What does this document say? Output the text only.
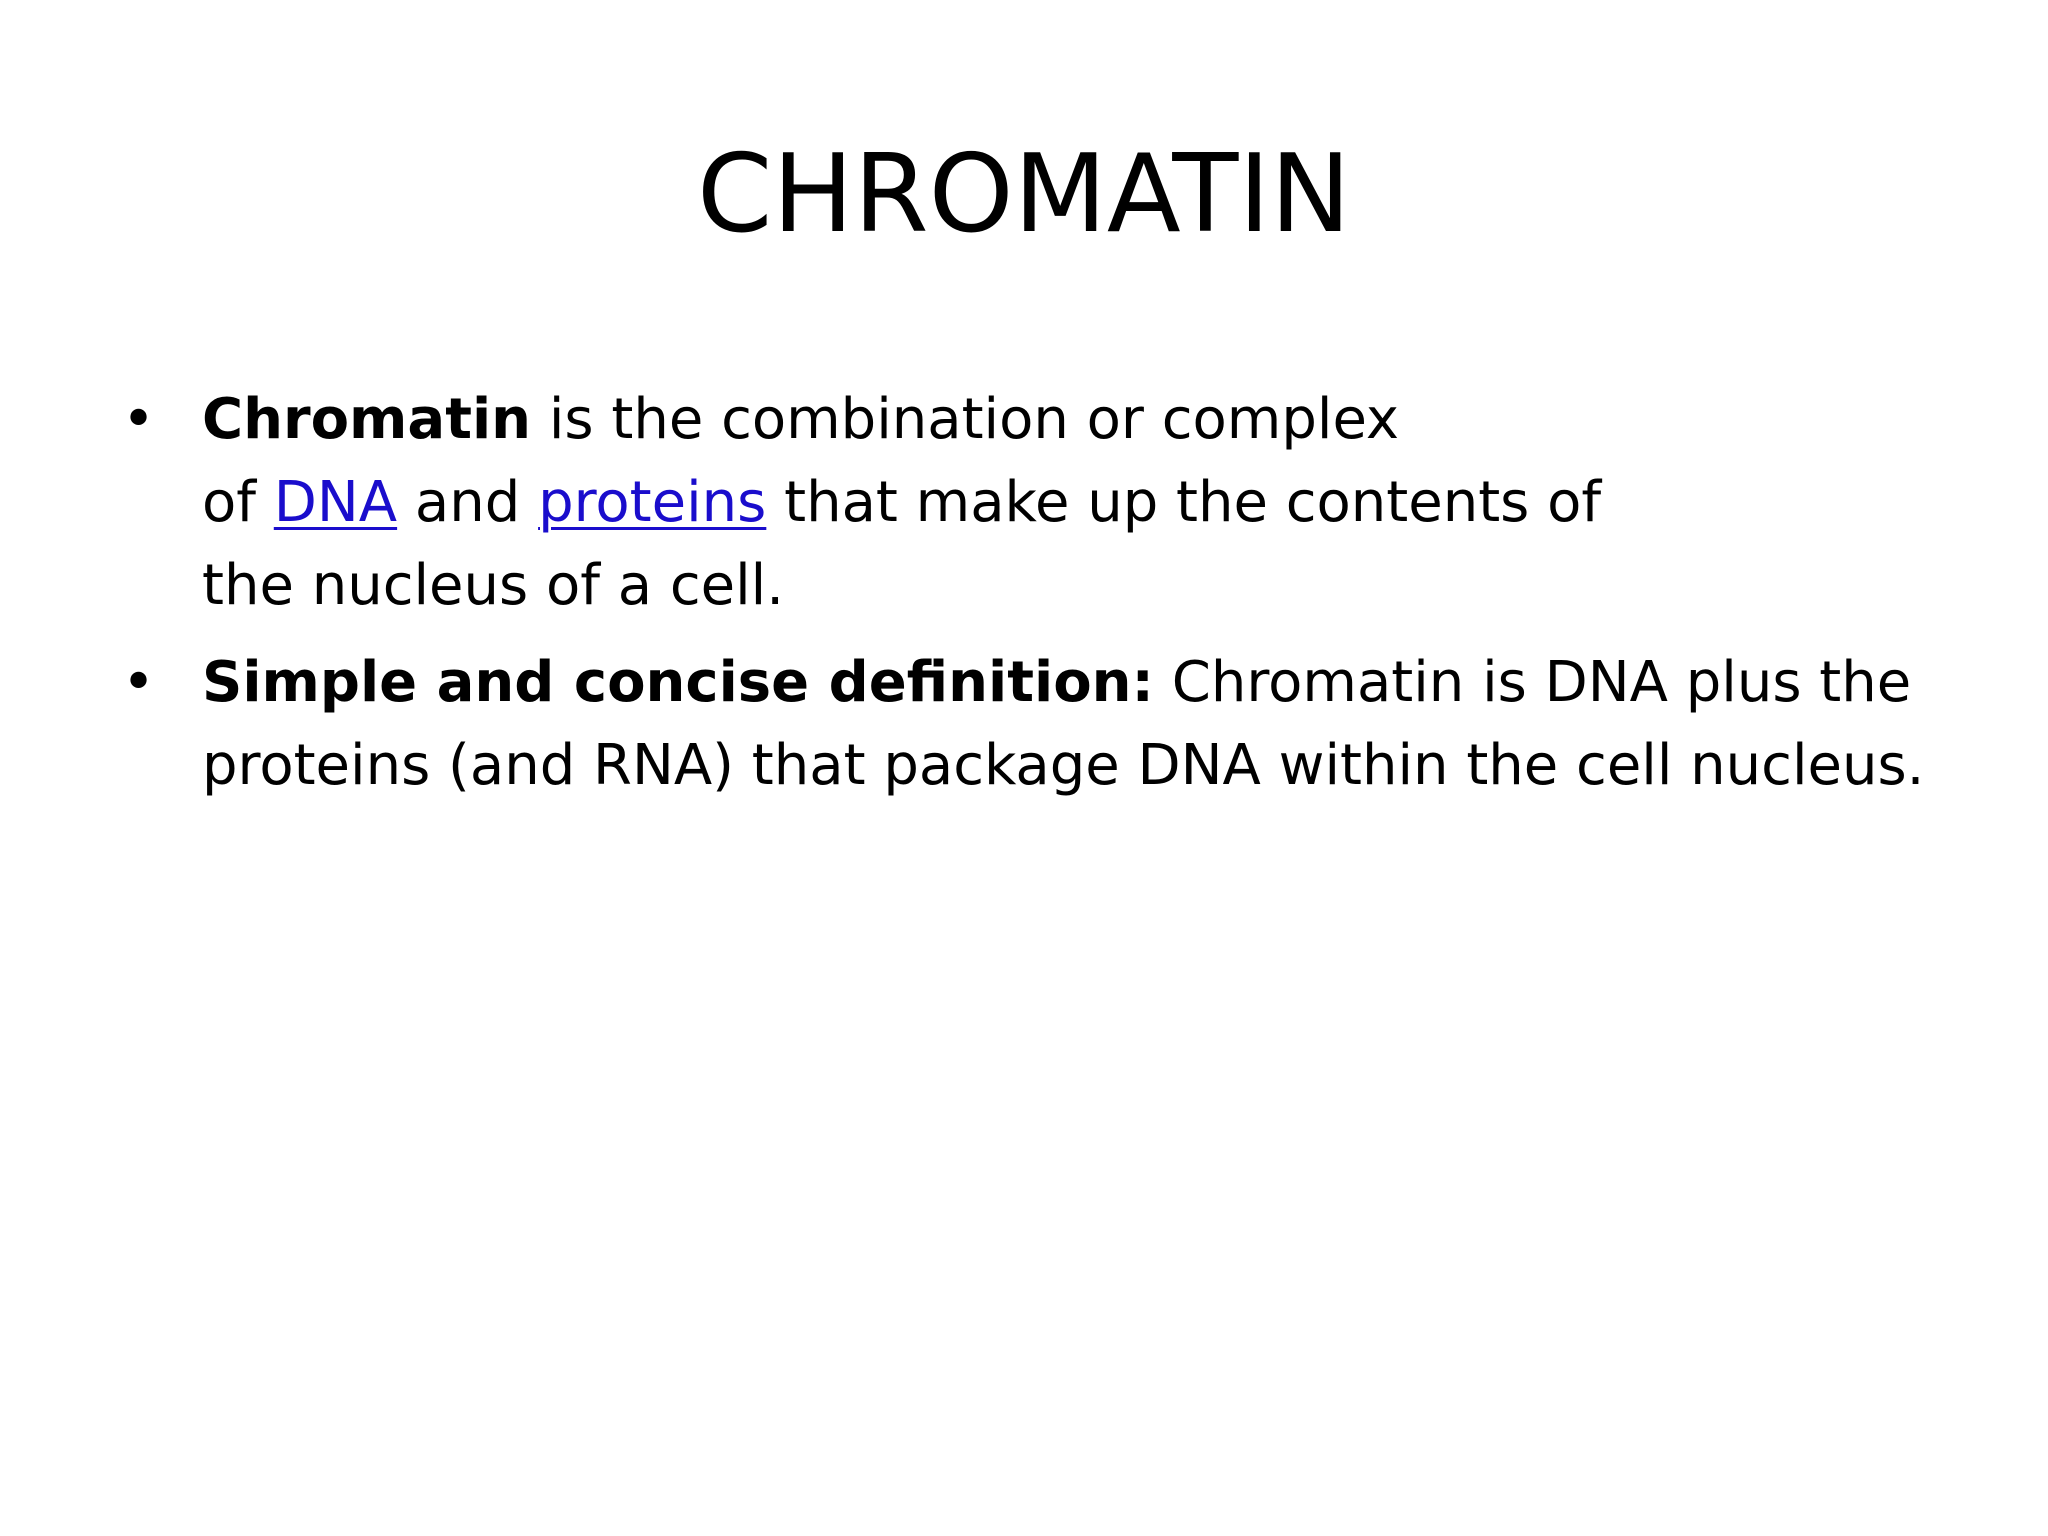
CHROMATIN
• Chromatin is the combination or complex
of DNA and proteins that make up the contents of
the nucleus of a cell.
• Simple and concise definition: Chromatin is DNA plus the proteins (and RNA) that package DNA within the cell nucleus.
